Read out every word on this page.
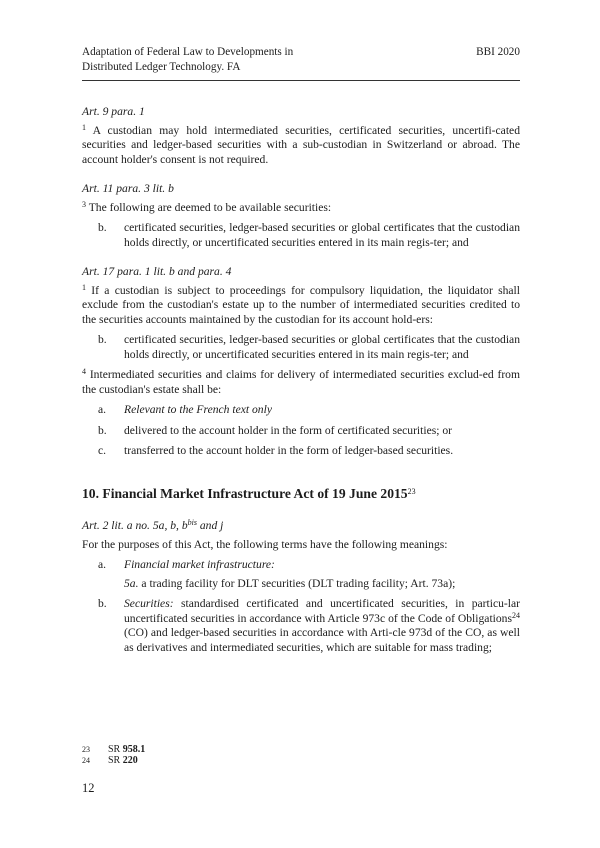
Adaptation of Federal Law to Developments in
Distributed Ledger Technology. FA
BBI 2020
Art. 9 para. 1

$^1$ A custodian may hold intermediated securities, certificated securities, uncertifi-cated securities and ledger-based securities with a sub-custodian in Switzerland or abroad. The account holder's consent is not required.

Art. 11 para. 3 lit. b

$^3$ The following are deemed to be available securities:

b. certificated securities, ledger-based securities or global certificates that the custodian holds directly, or uncertificated securities entered in its main regis-ter; and
Art. 17 para. 1 lit. b and para. 4

$^1$ If a custodian is subject to proceedings for compulsory liquidation, the liquidator shall exclude from the custodian's estate up to the number of intermediated securities credited to the securities accounts maintained by the custodian for its account hold-ers:

b. certificated securities, ledger-based securities or global certificates that the custodian holds directly, or uncertificated securities entered in its main regis-ter; and

$^4$ Intermediated securities and claims for delivery of intermediated securities exclud-ed from the custodian's estate shall be:

a. Relevant to the French text only
b. delivered to the account holder in the form of certificated securities; or
c. transferred to the account holder in the form of ledger-based securities.
10. Financial Market Infrastructure Act of 19 June 2015$^{23}$
Art. 2 lit. a no. 5a, b, $b^{bis}$ and j

For the purposes of this Act, the following terms have the following meanings:

a. Financial market infrastructure:
5a. a trading facility for DLT securities (DLT trading facility; Art. 73a);
b. Securities: standardised certificated and uncertificated securities, in particu-lar uncertificated securities in accordance with Article 973c of the Code of Obligations$^{24}$ (CO) and ledger-based securities in accordance with Arti-cle 973d of the CO, as well as derivatives and intermediated securities, which are suitable for mass trading;
23 SR 958.1
24 SR 220
12
